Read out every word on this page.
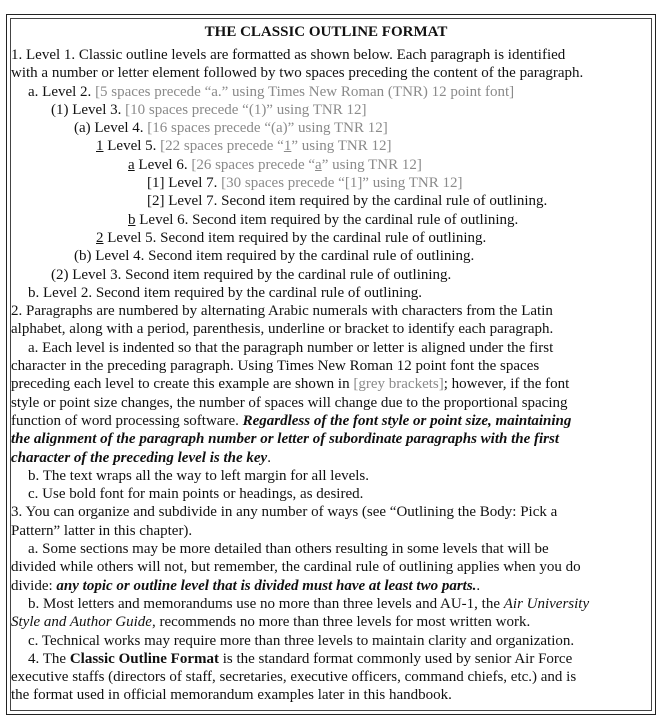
THE CLASSIC OUTLINE FORMAT
1. Level 1. Classic outline levels are formatted as shown below. Each paragraph is identified
with a number or letter element followed by two spaces preceding the content of the paragraph.
a. Level 2. [5 spaces precede “a.” using Times New Roman (TNR) 12 point font]
(1) Level 3. [10 spaces precede “(1)” using TNR 12]
(a) Level 4. [16 spaces precede “(a)” using TNR 12]
1 Level 5. [22 spaces precede “1” using TNR 12]
a Level 6. [26 spaces precede “a” using TNR 12]
[1] Level 7. [30 spaces precede “[1]” using TNR 12]
[2] Level 7. Second item required by the cardinal rule of outlining.
b Level 6. Second item required by the cardinal rule of outlining.
2 Level 5. Second item required by the cardinal rule of outlining.
(b) Level 4. Second item required by the cardinal rule of outlining.
(2) Level 3. Second item required by the cardinal rule of outlining.
b. Level 2. Second item required by the cardinal rule of outlining.
2. Paragraphs are numbered by alternating Arabic numerals with characters from the Latin
alphabet, along with a period, parenthesis, underline or bracket to identify each paragraph.
a. Each level is indented so that the paragraph number or letter is aligned under the first
character in the preceding paragraph. Using Times New Roman 12 point font the spaces
preceding each level to create this example are shown in [grey brackets]; however, if the font
style or point size changes, the number of spaces will change due to the proportional spacing
function of word processing software. Regardless of the font style or point size, maintaining
the alignment of the paragraph number or letter of subordinate paragraphs with the first
character of the preceding level is the key.
b. The text wraps all the way to left margin for all levels.
c. Use bold font for main points or headings, as desired.
3. You can organize and subdivide in any number of ways (see “Outlining the Body: Pick a
Pattern” latter in this chapter).
a. Some sections may be more detailed than others resulting in some levels that will be
divided while others will not, but remember, the cardinal rule of outlining applies when you do
divide: any topic or outline level that is divided must have at least two parts..
b. Most letters and memorandums use no more than three levels and AU-1, the Air University
Style and Author Guide, recommends no more than three levels for most written work.
c. Technical works may require more than three levels to maintain clarity and organization.
4. The Classic Outline Format is the standard format commonly used by senior Air Force
executive staffs (directors of staff, secretaries, executive officers, command chiefs, etc.) and is
the format used in official memorandum examples later in this handbook.
